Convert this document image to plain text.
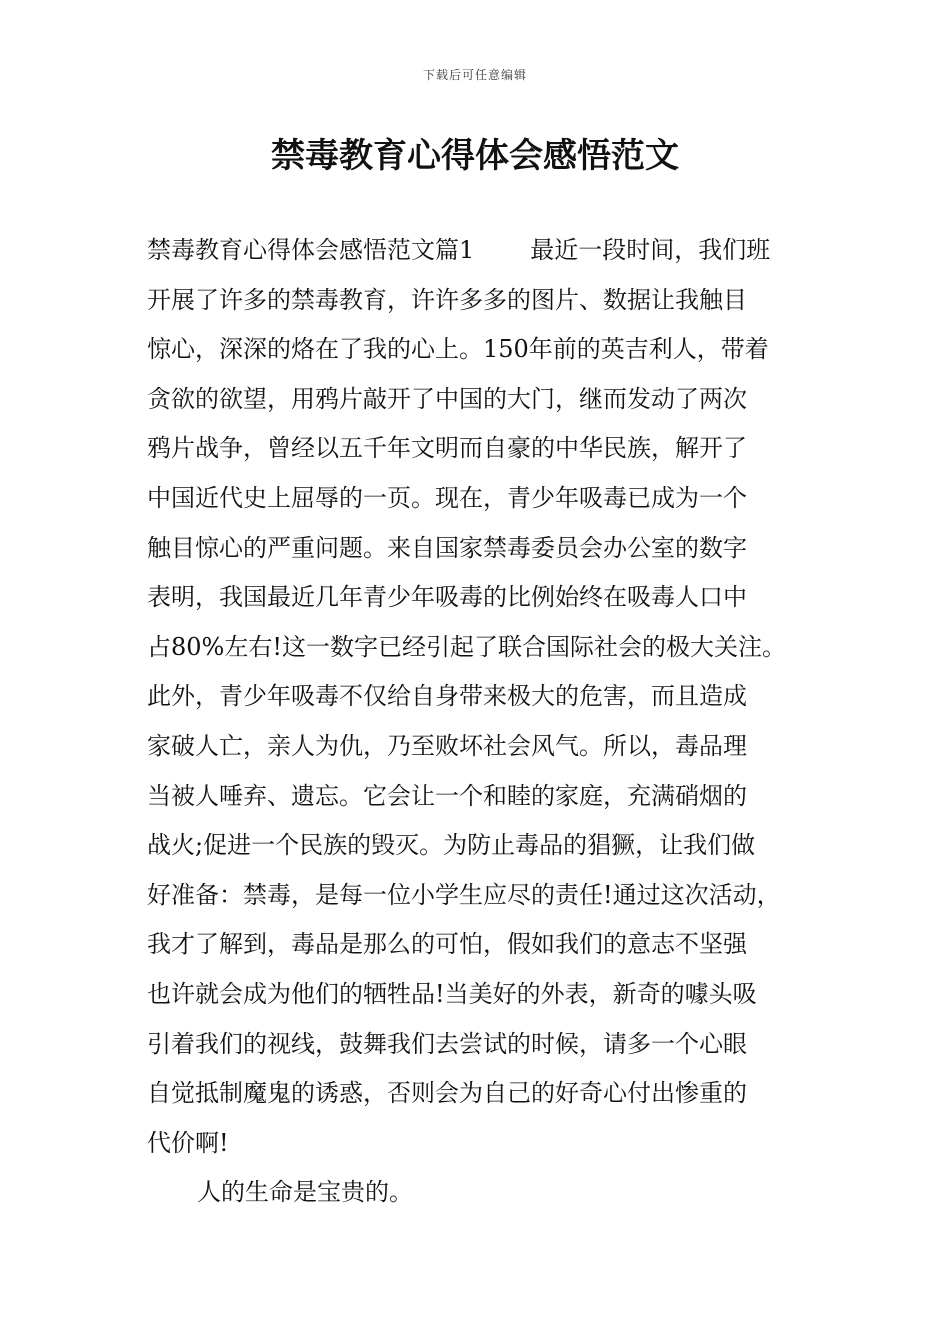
下载后可任意编辑
禁毒教育心得体会感悟范文
禁毒教育心得体会感悟范文篇1 最近一段时间，我们班
开展了许多的禁毒教育，许许多多的图片、数据让我触目
惊心，深深的烙在了我的心上。150年前的英吉利人，带着
贪欲的欲望，用鸦片敲开了中国的大门，继而发动了两次
鸦片战争，曾经以五千年文明而自豪的中华民族，解开了
中国近代史上屈辱的一页。现在，青少年吸毒已成为一个
触目惊心的严重问题。来自国家禁毒委员会办公室的数字
表明，我国最近几年青少年吸毒的比例始终在吸毒人口中
占80%左右!这一数字已经引起了联合国际社会的极大关注。
此外，青少年吸毒不仅给自身带来极大的危害，而且造成
家破人亡，亲人为仇，乃至败坏社会风气。所以，毒品理
当被人唾弃、遗忘。它会让一个和睦的家庭，充满硝烟的
战火;促进一个民族的毁灭。为防止毒品的猖獗，让我们做
好准备：禁毒，是每一位小学生应尽的责任!通过这次活动，
我才了解到，毒品是那么的可怕，假如我们的意志不坚强
也许就会成为他们的牺牲品!当美好的外表，新奇的噱头吸
引着我们的视线，鼓舞我们去尝试的时候，请多一个心眼
自觉抵制魔鬼的诱惑，否则会为自己的好奇心付出惨重的
代价啊!
人的生命是宝贵的。
